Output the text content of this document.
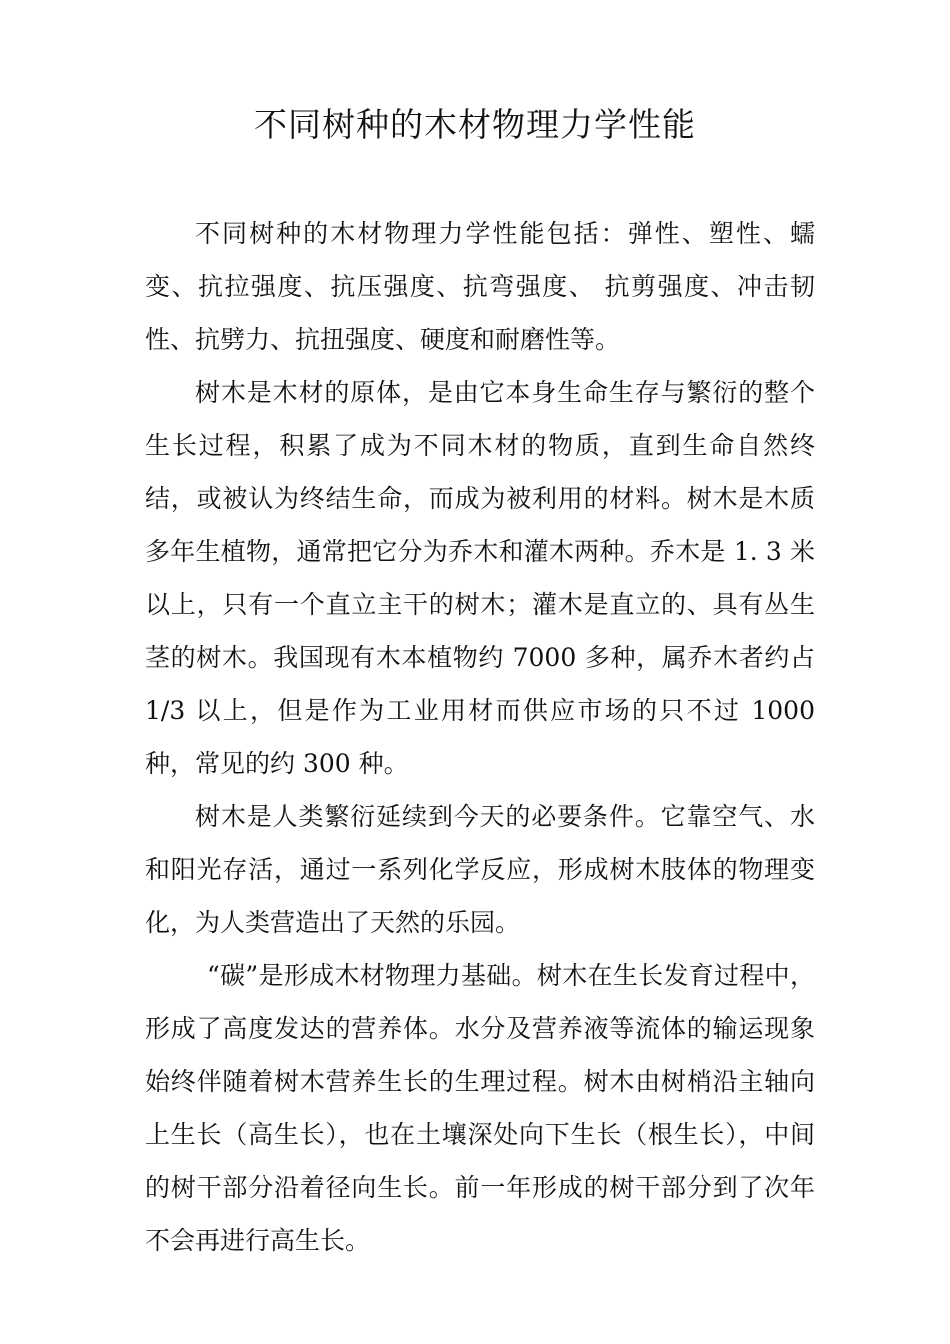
不同树种的木材物理力学性能

不同树种的木材物理力学性能包括：弹性、塑性、蠕变、抗拉强度、抗压强度、抗弯强度、 抗剪强度、冲击韧性、抗劈力、抗扭强度、硬度和耐磨性等。

树木是木材的原体，是由它本身生命生存与繁衍的整个生长过程，积累了成为不同木材的物质，直到生命自然终结，或被认为终结生命，而成为被利用的材料。树木是木质多年生植物，通常把它分为乔木和灌木两种。乔木是 1. 3 米以上，只有一个直立主干的树木；灌木是直立的、具有丛生茎的树木。我国现有木本植物约 7000 多种，属乔木者约占 1/3 以上，但是作为工业用材而供应市场的只不过 1000 种，常见的约 300 种。

树木是人类繁衍延续到今天的必要条件。它靠空气、水和阳光存活，通过一系列化学反应，形成树木肢体的物理变化，为人类营造出了天然的乐园。

“碳”是形成木材物理力基础。树木在生长发育过程中，形成了高度发达的营养体。水分及营养液等流体的输运现象始终伴随着树木营养生长的生理过程。树木由树梢沿主轴向上生长（高生长），也在土壤深处向下生长（根生长），中间的树干部分沿着径向生长。前一年形成的树干部分到了次年不会再进行高生长。
